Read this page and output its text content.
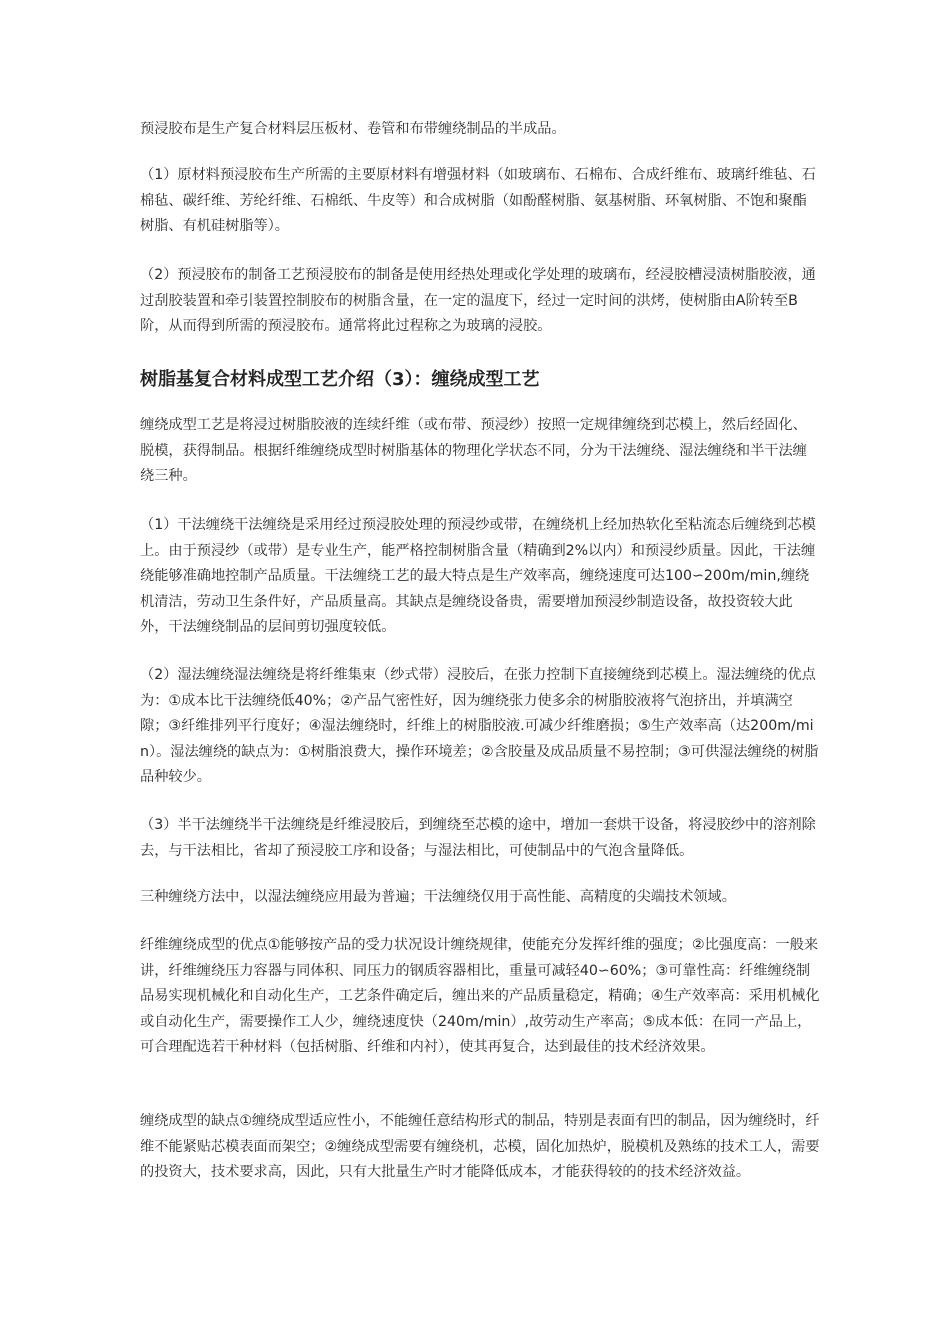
预浸胶布是生产复合材料层压板材、卷管和布带缠绕制品的半成品。

（1）原材料预浸胶布生产所需的主要原材料有增强材料（如玻璃布、石棉布、合成纤维布、玻璃纤维毡、石棉毡、碳纤维、芳纶纤维、石棉纸、牛皮等）和合成树脂（如酚醛树脂、氨基树脂、环氧树脂、不饱和聚酯树脂、有机硅树脂等）。

（2）预浸胶布的制备工艺预浸胶布的制备是使用经热处理或化学处理的玻璃布，经浸胶槽浸渍树脂胶液，通过刮胶装置和牵引装置控制胶布的树脂含量，在一定的温度下，经过一定时间的洪烤，使树脂由A阶转至B阶，从而得到所需的预浸胶布。通常将此过程称之为玻璃的浸胶。

树脂基复合材料成型工艺介绍（3）：缠绕成型工艺

缠绕成型工艺是将浸过树脂胶液的连续纤维（或布带、预浸纱）按照一定规律缠绕到芯模上，然后经固化、脱模，获得制品。根据纤维缠绕成型时树脂基体的物理化学状态不同，分为干法缠绕、湿法缠绕和半干法缠绕三种。

（1）干法缠绕干法缠绕是采用经过预浸胶处理的预浸纱或带，在缠绕机上经加热软化至粘流态后缠绕到芯模上。由于预浸纱（或带）是专业生产，能严格控制树脂含量（精确到2%以内）和预浸纱质量。因此，干法缠绕能够准确地控制产品质量。干法缠绕工艺的最大特点是生产效率高，缠绕速度可达100∽200m/min,缠绕机清洁，劳动卫生条件好，产品质量高。其缺点是缠绕设备贵，需要增加预浸纱制造设备，故投资较大此外，干法缠绕制品的层间剪切强度较低。

（2）湿法缠绕湿法缠绕是将纤维集束（纱式带）浸胶后，在张力控制下直接缠绕到芯模上。湿法缠绕的优点为：①成本比干法缠绕低40%；②产品气密性好，因为缠绕张力使多余的树脂胶液将气泡挤出，并填满空隙；③纤维排列平行度好；④湿法缠绕时，纤维上的树脂胶液.可减少纤维磨损；⑤生产效率高（达200m/min）。湿法缠绕的缺点为：①树脂浪费大，操作环境差；②含胶量及成品质量不易控制；③可供湿法缠绕的树脂品种较少。

（3）半干法缠绕半干法缠绕是纤维浸胶后，到缠绕至芯模的途中，增加一套烘干设备，将浸胶纱中的溶剂除去，与干法相比，省却了预浸胶工序和设备；与湿法相比，可使制品中的气泡含量降低。

三种缠绕方法中，以湿法缠绕应用最为普遍；干法缠绕仅用于高性能、高精度的尖端技术领域。

纤维缠绕成型的优点①能够按产品的受力状况设计缠绕规律，使能充分发挥纤维的强度；②比强度高：一般来讲，纤维缠绕压力容器与同体积、同压力的钢质容器相比，重量可减轻40∽60%；③可靠性高：纤维缠绕制品易实现机械化和自动化生产，工艺条件确定后，缠出来的产品质量稳定，精确；④生产效率高：采用机械化或自动化生产，需要操作工人少，缠绕速度快（240m/min）,故劳动生产率高；⑤成本低：在同一产品上，可合理配选若干种材料（包括树脂、纤维和内衬），使其再复合，达到最佳的技术经济效果。

缠绕成型的缺点①缠绕成型适应性小，不能缠任意结构形式的制品，特别是表面有凹的制品，因为缠绕时，纤维不能紧贴芯模表面而架空；②缠绕成型需要有缠绕机，芯模，固化加热炉，脱模机及熟练的技术工人，需要的投资大，技术要求高，因此，只有大批量生产时才能降低成本，才能获得较的的技术经济效益。
